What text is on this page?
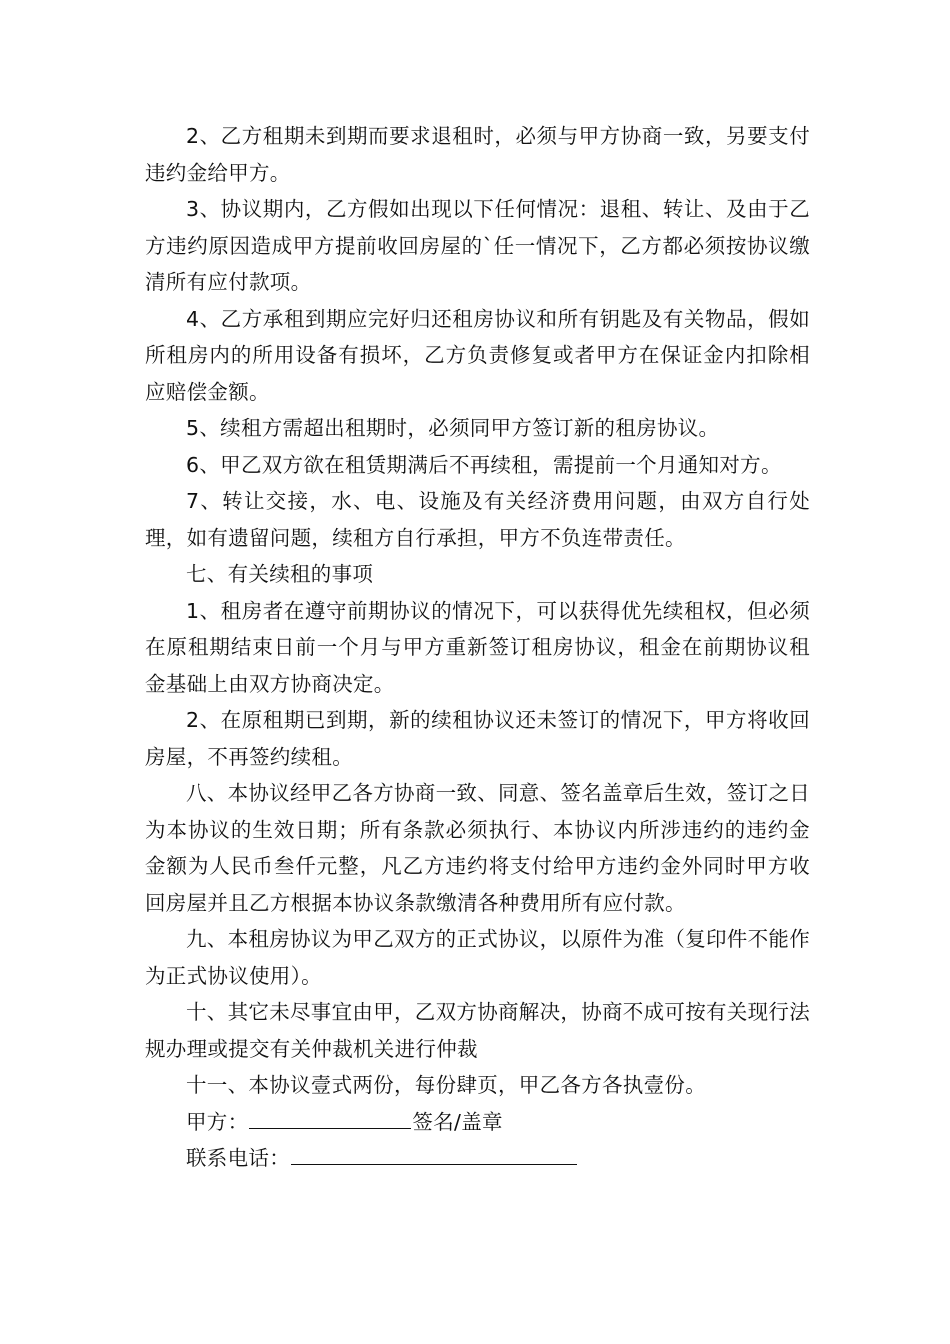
2、乙方租期未到期而要求退租时，必须与甲方协商一致，另要支付违约金给甲方。

3、协议期内，乙方假如出现以下任何情况：退租、转让、及由于乙方违约原因造成甲方提前收回房屋的`任一情况下，乙方都必须按协议缴清所有应付款项。

4、乙方承租到期应完好归还租房协议和所有钥匙及有关物品，假如所租房内的所用设备有损坏，乙方负责修复或者甲方在保证金内扣除相应赔偿金额。

5、续租方需超出租期时，必须同甲方签订新的租房协议。

6、甲乙双方欲在租赁期满后不再续租，需提前一个月通知对方。

7、转让交接，水、电、设施及有关经济费用问题，由双方自行处理，如有遗留问题，续租方自行承担，甲方不负连带责任。

七、有关续租的事项

1、租房者在遵守前期协议的情况下，可以获得优先续租权，但必须在原租期结束日前一个月与甲方重新签订租房协议，租金在前期协议租金基础上由双方协商决定。

2、在原租期已到期，新的续租协议还未签订的情况下，甲方将收回房屋，不再签约续租。

八、本协议经甲乙各方协商一致、同意、签名盖章后生效，签订之日为本协议的生效日期；所有条款必须执行、本协议内所涉违约的违约金金额为人民币叁仟元整，凡乙方违约将支付给甲方违约金外同时甲方收回房屋并且乙方根据本协议条款缴清各种费用所有应付款。

九、本租房协议为甲乙双方的正式协议，以原件为准（复印件不能作为正式协议使用）。

十、其它未尽事宜由甲，乙双方协商解决，协商不成可按有关现行法规办理或提交有关仲裁机关进行仲裁

十一、本协议壹式两份，每份肆页，甲乙各方各执壹份。

甲方：	签名/盖章

联系电话：
